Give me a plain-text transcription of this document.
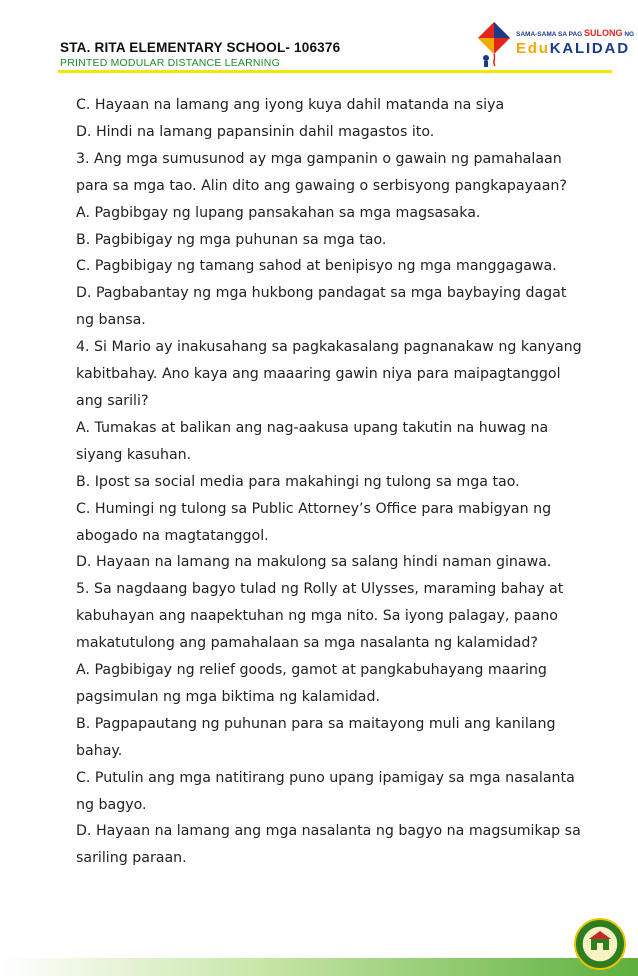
STA. RITA ELEMENTARY SCHOOL- 106376
PRINTED MODULAR DISTANCE LEARNING
SAMA-SAMA SA PAG SULONG NG
EduKALIDAD
C. Hayaan na lamang ang iyong kuya dahil matanda na siya
D. Hindi na lamang papansinin dahil magastos ito.
3. Ang mga sumusunod ay mga gampanin o gawain ng pamahalaan
para sa mga tao. Alin dito ang gawaing o serbisyong pangkapayaan?
A. Pagbibgay ng lupang pansakahan sa mga magsasaka.
B. Pagbibigay ng mga puhunan sa mga tao.
C. Pagbibigay ng tamang sahod at benipisyo ng mga manggagawa.
D. Pagbabantay ng mga hukbong pandagat sa mga baybaying dagat
ng bansa.
4. Si Mario ay inakusahang sa pagkakasalang pagnanakaw ng kanyang
kabitbahay. Ano kaya ang maaaring gawin niya para maipagtanggol
ang sarili?
A. Tumakas at balikan ang nag-aakusa upang takutin na huwag na
siyang kasuhan.
B. Ipost sa social media para makahingi ng tulong sa mga tao.
C. Humingi ng tulong sa Public Attorney’s Office para mabigyan ng
abogado na magtatanggol.
D. Hayaan na lamang na makulong sa salang hindi naman ginawa.
5. Sa nagdaang bagyo tulad ng Rolly at Ulysses, maraming bahay at
kabuhayan ang naapektuhan ng mga nito. Sa iyong palagay, paano
makatutulong ang pamahalaan sa mga nasalanta ng kalamidad?
A. Pagbibigay ng relief goods, gamot at pangkabuhayang maaring
pagsimulan ng mga biktima ng kalamidad.
B. Pagpapautang ng puhunan para sa maitayong muli ang kanilang
bahay.
C. Putulin ang mga natitirang puno upang ipamigay sa mga nasalanta
ng bagyo.
D. Hayaan na lamang ang mga nasalanta ng bagyo na magsumikap sa
sariling paraan.
